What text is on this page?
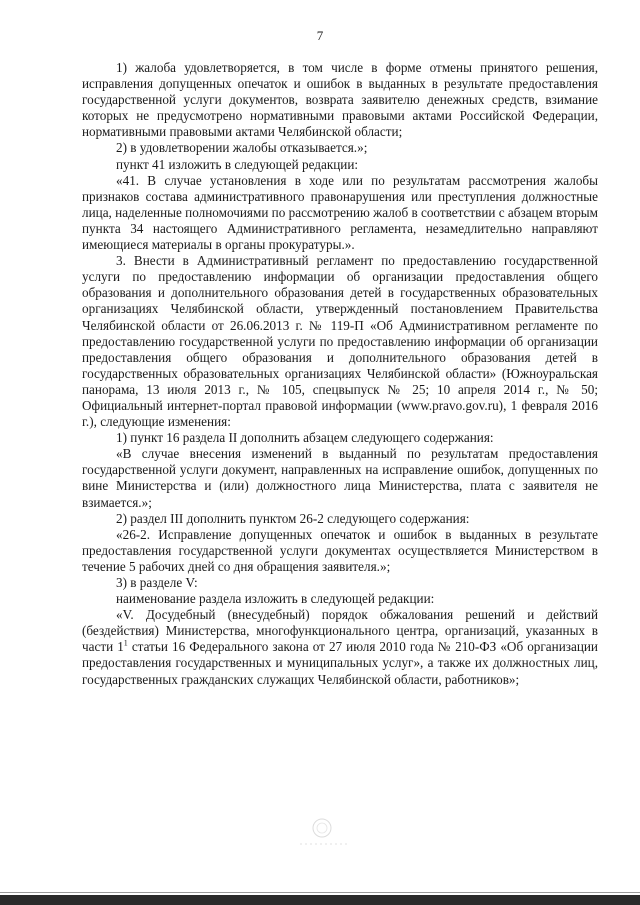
7

1) жалоба удовлетворяется, в том числе в форме отмены принятого решения, исправления допущенных опечаток и ошибок в выданных в результате предоставления государственной услуги документов, возврата заявителю денежных средств, взимание которых не предусмотрено нормативными правовыми актами Российской Федерации, нормативными правовыми актами Челябинской области;

2) в удовлетворении жалобы отказывается.»;

пункт 41 изложить в следующей редакции:

«41. В случае установления в ходе или по результатам рассмотрения жалобы признаков состава административного правонарушения или преступления должностные лица, наделенные полномочиями по рассмотрению жалоб в соответствии с абзацем вторым пункта 34 настоящего Административного регламента, незамедлительно направляют имеющиеся материалы в органы прокуратуры.».

3. Внести в Административный регламент по предоставлению государственной услуги по предоставлению информации об организации предоставления общего образования и дополнительного образования детей в государственных образовательных организациях Челябинской области, утвержденный постановлением Правительства Челябинской области от 26.06.2013 г. № 119-П «Об Административном регламенте по предоставлению государственной услуги по предоставлению информации об организации предоставления общего образования и дополнительного образования детей в государственных образовательных организациях Челябинской области» (Южноуральская панорама, 13 июля 2013 г., № 105, спецвыпуск № 25; 10 апреля 2014 г., № 50; Официальный интернет-портал правовой информации (www.pravo.gov.ru), 1 февраля 2016 г.), следующие изменения:

1) пункт 16 раздела II дополнить абзацем следующего содержания:

«В случае внесения изменений в выданный по результатам предоставления государственной услуги документ, направленных на исправление ошибок, допущенных по вине Министерства и (или) должностного лица Министерства, плата с заявителя не взимается.»;

2) раздел III дополнить пунктом 26-2 следующего содержания:

«26-2. Исправление допущенных опечаток и ошибок в выданных в результате предоставления государственной услуги документах осуществляется Министерством в течение 5 рабочих дней со дня обращения заявителя.»;

3) в разделе V:

наименование раздела изложить в следующей редакции:

«V. Досудебный (внесудебный) порядок обжалования решений и действий (бездействия) Министерства, многофункционального центра, организаций, указанных в части $1^1$ статьи 16 Федерального закона от 27 июля 2010 года № 210-ФЗ «Об организации предоставления государственных и муниципальных услуг», а также их должностных лиц, государственных гражданских служащих Челябинской области, работников»;
